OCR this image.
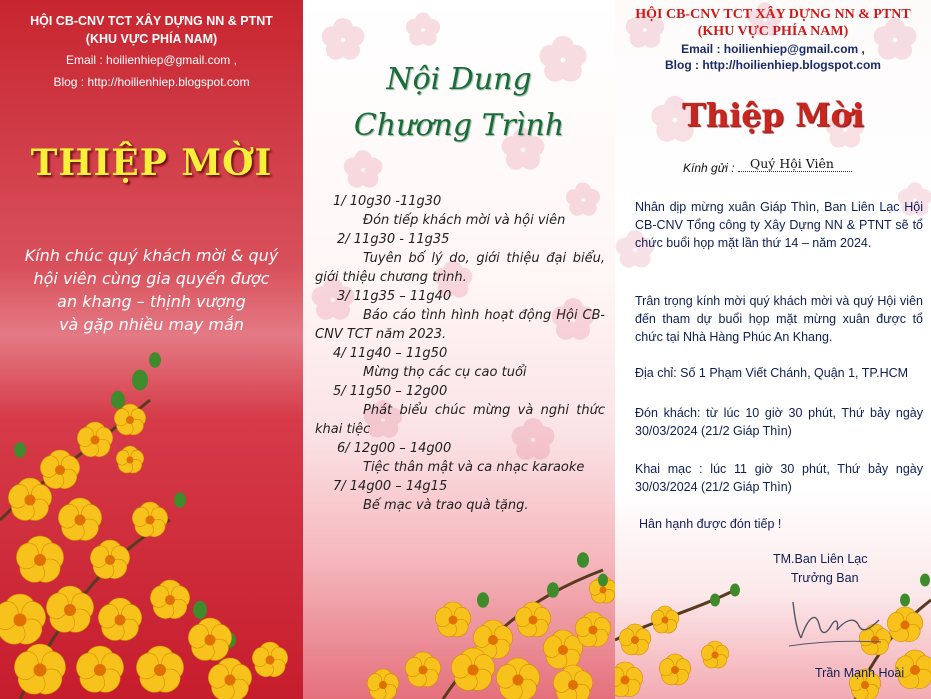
HỘI CB-CNV TCT XÂY DỰNG NN & PTNT
(KHU VỰC PHÍA NAM)
Email : hoilienhiep@gmail.com ,
Blog : http://hoilienhiep.blogspot.com
THIỆP MỜI
Kính chúc quý khách mời & quý
hội viên cùng gia quyến được
an khang – thịnh vượng
và gặp nhiều may mắn
Nội Dung
Chương Trình
1/ 10g30 -11g30
Đón tiếp khách mời và hội viên
2/ 11g30 - 11g35
Tuyên bố lý do, giới thiệu đại biểu, giới thiệu chương trình.
3/ 11g35 – 11g40
Báo cáo tình hình hoạt động Hội CB-CNV TCT năm 2023.
4/ 11g40 – 11g50
Mừng thọ các cụ cao tuổi
5/ 11g50 – 12g00
Phát biểu chúc mừng và nghi thức khai tiệc
6/ 12g00 – 14g00
Tiệc thân mật và ca nhạc karaoke
7/ 14g00 – 14g15
Bế mạc và trao quà tặng.
HỘI CB-CNV TCT XÂY DỰNG NN & PTNT
(KHU VỰC PHÍA NAM)
Email : hoilienhiep@gmail.com ,
Blog : http://hoilienhiep.blogspot.com
Thiệp Mời
Kính gửi : Quý Hội Viên
Nhân dịp mừng xuân Giáp Thìn, Ban Liên Lạc Hội CB-CNV Tổng công ty Xây Dựng NN & PTNT sẽ tổ chức buổi họp mặt lần thứ 14 – năm 2024.
Trân trọng kính mời quý khách mời và quý Hội viên đến tham dự buổi họp mặt mừng xuân được tổ chức tại Nhà Hàng Phúc An Khang.
Địa chỉ: Số 1 Phạm Viết Chánh, Quận 1, TP.HCM
Đón khách: từ lúc 10 giờ 30 phút, Thứ bảy ngày 30/03/2024 (21/2 Giáp Thìn)
Khai mạc : lúc 11 giờ 30 phút, Thứ bảy ngày 30/03/2024 (21/2 Giáp Thìn)
Hân hạnh được đón tiếp !
TM.Ban Liên Lạc
Trưởng Ban
Trần Mạnh Hoài
